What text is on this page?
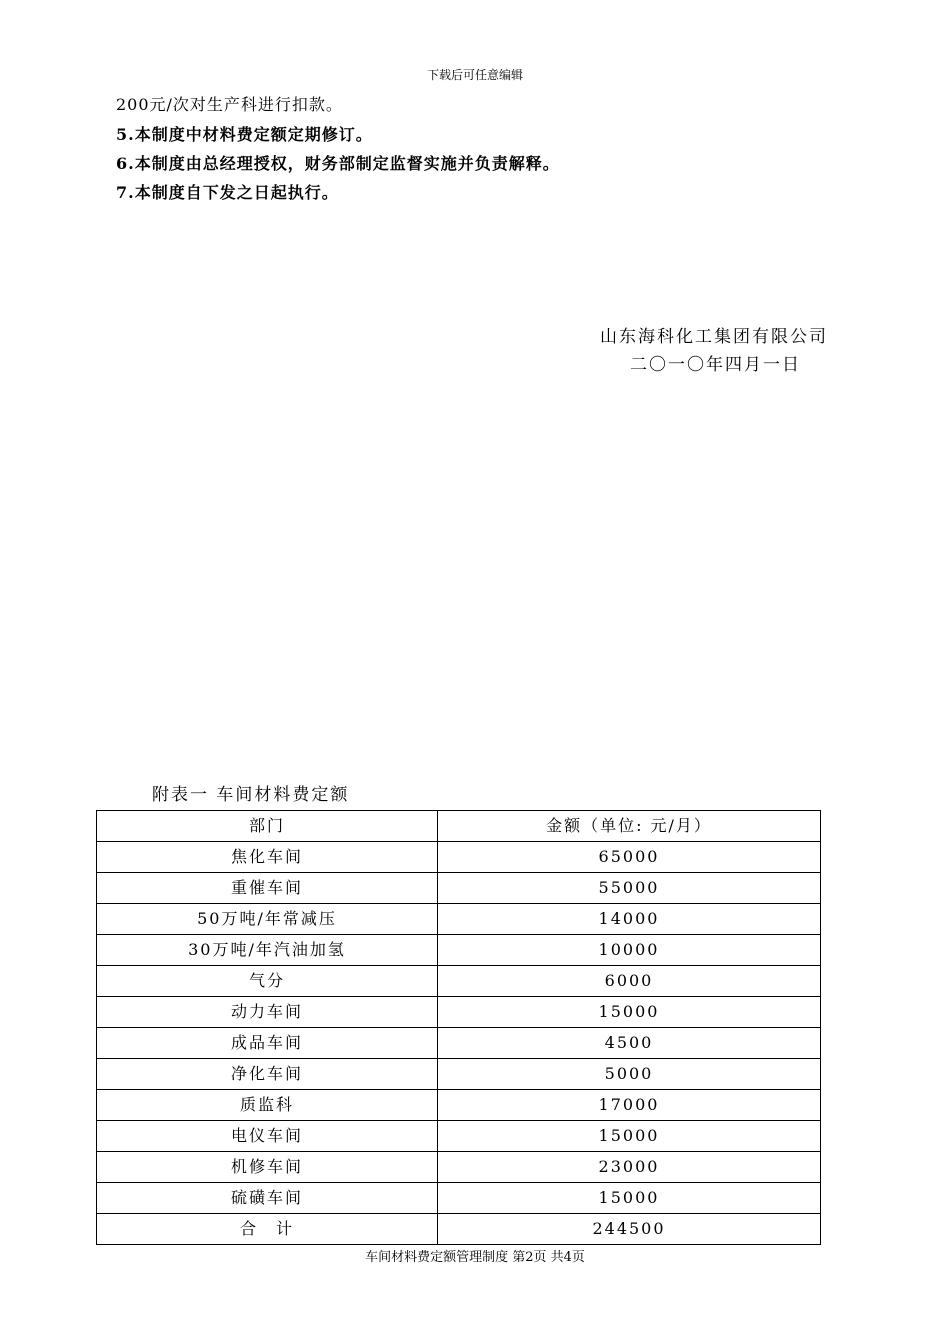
下载后可任意编辑
200元/次对生产科进行扣款。
5.本制度中材料费定额定期修订。
6.本制度由总经理授权，财务部制定监督实施并负责解释。
7.本制度自下发之日起执行。
山东海科化工集团有限公司
二〇一〇年四月一日
附表一 车间材料费定额
部门	金额（单位: 元/月）
焦化车间	65000
重催车间	55000
50万吨/年常减压	14000
30万吨/年汽油加氢	10000
气分	6000
动力车间	15000
成品车间	4500
净化车间	5000
质监科	17000
电仪车间	15000
机修车间	23000
硫磺车间	15000
合　计	244500
车间材料费定额管理制度 第2页 共4页
